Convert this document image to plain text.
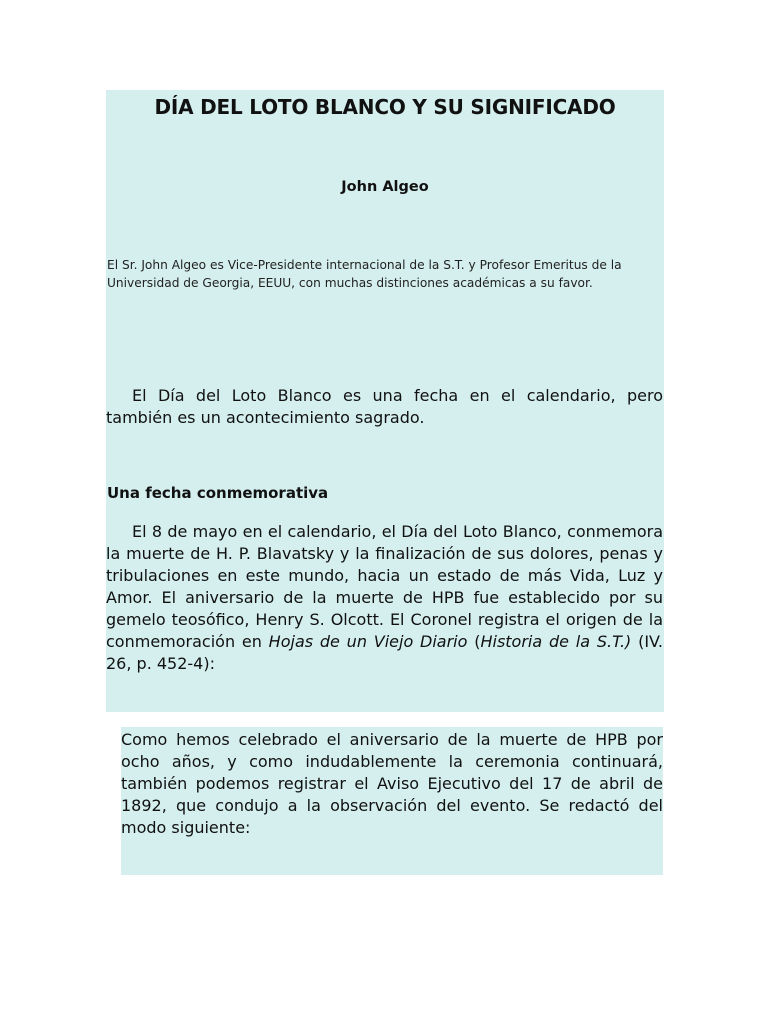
DÍA DEL LOTO BLANCO Y SU SIGNIFICADO

John Algeo

El Sr. John Algeo es Vice-Presidente internacional de la S.T. y Profesor Emeritus de la Universidad de Georgia, EEUU, con muchas distinciones académicas a su favor.

El Día del Loto Blanco es una fecha en el calendario, pero también es un acontecimiento sagrado.

Una fecha conmemorativa

El 8 de mayo en el calendario, el Día del Loto Blanco, conmemora la muerte de H. P. Blavatsky y la finalización de sus dolores, penas y tribulaciones en este mundo, hacia un estado de más Vida, Luz y Amor. El aniversario de la muerte de HPB fue establecido por su gemelo teosófico, Henry S. Olcott. El Coronel registra el origen de la conmemoración en Hojas de un Viejo Diario (Historia de la S.T.) (IV. 26, p. 452-4):

Como hemos celebrado el aniversario de la muerte de HPB por ocho años, y como indudablemente la ceremonia continuará, también podemos registrar el Aviso Ejecutivo del 17 de abril de 1892, que condujo a la observación del evento. Se redactó del modo siguiente:
